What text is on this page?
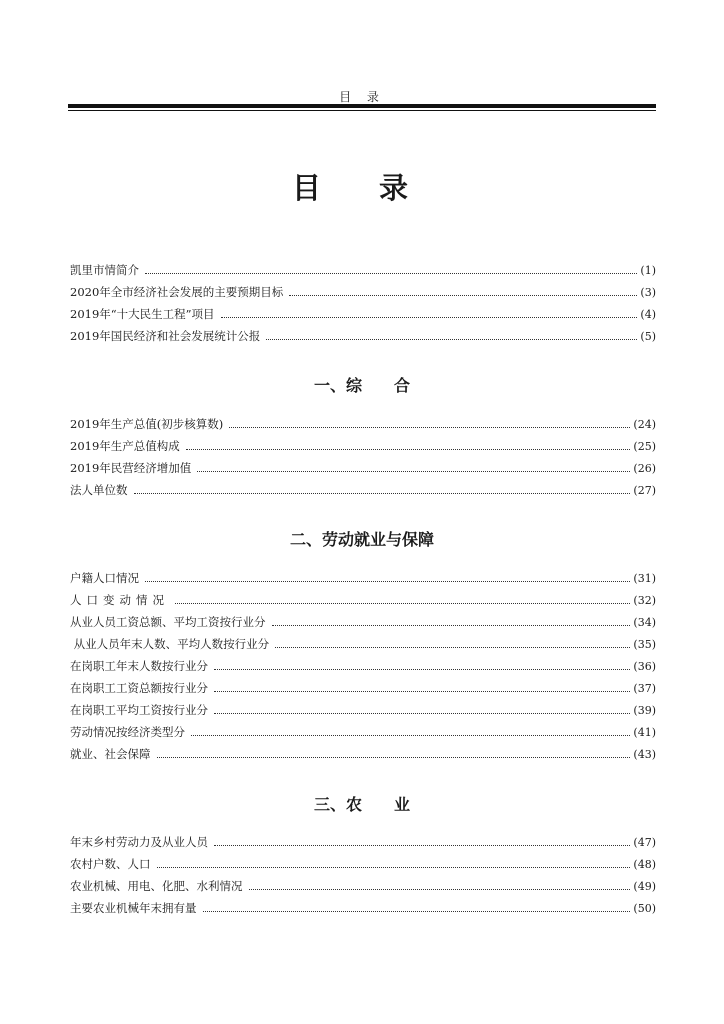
目 录
目 录
凯里市情简介	(1)
2020年全市经济社会发展的主要预期目标	(3)
2019年“十大民生工程”项目	(4)
2019年国民经济和社会发展统计公报	(5)
一、综　　合
2019年生产总值(初步核算数)	(24)
2019年生产总值构成	(25)
2019年民营经济增加值	(26)
法人单位数	(27)
二、劳动就业与保障
户籍人口情况	(31)
人口变动情况	(32)
从业人员工资总额、平均工资按行业分	(34)
从业人员年末人数、平均人数按行业分	(35)
在岗职工年末人数按行业分	(36)
在岗职工工资总额按行业分	(37)
在岗职工平均工资按行业分	(39)
劳动情况按经济类型分	(41)
就业、社会保障	(43)
三、农　　业
年末乡村劳动力及从业人员	(47)
农村户数、人口	(48)
农业机械、用电、化肥、水利情况	(49)
主要农业机械年末拥有量	(50)
